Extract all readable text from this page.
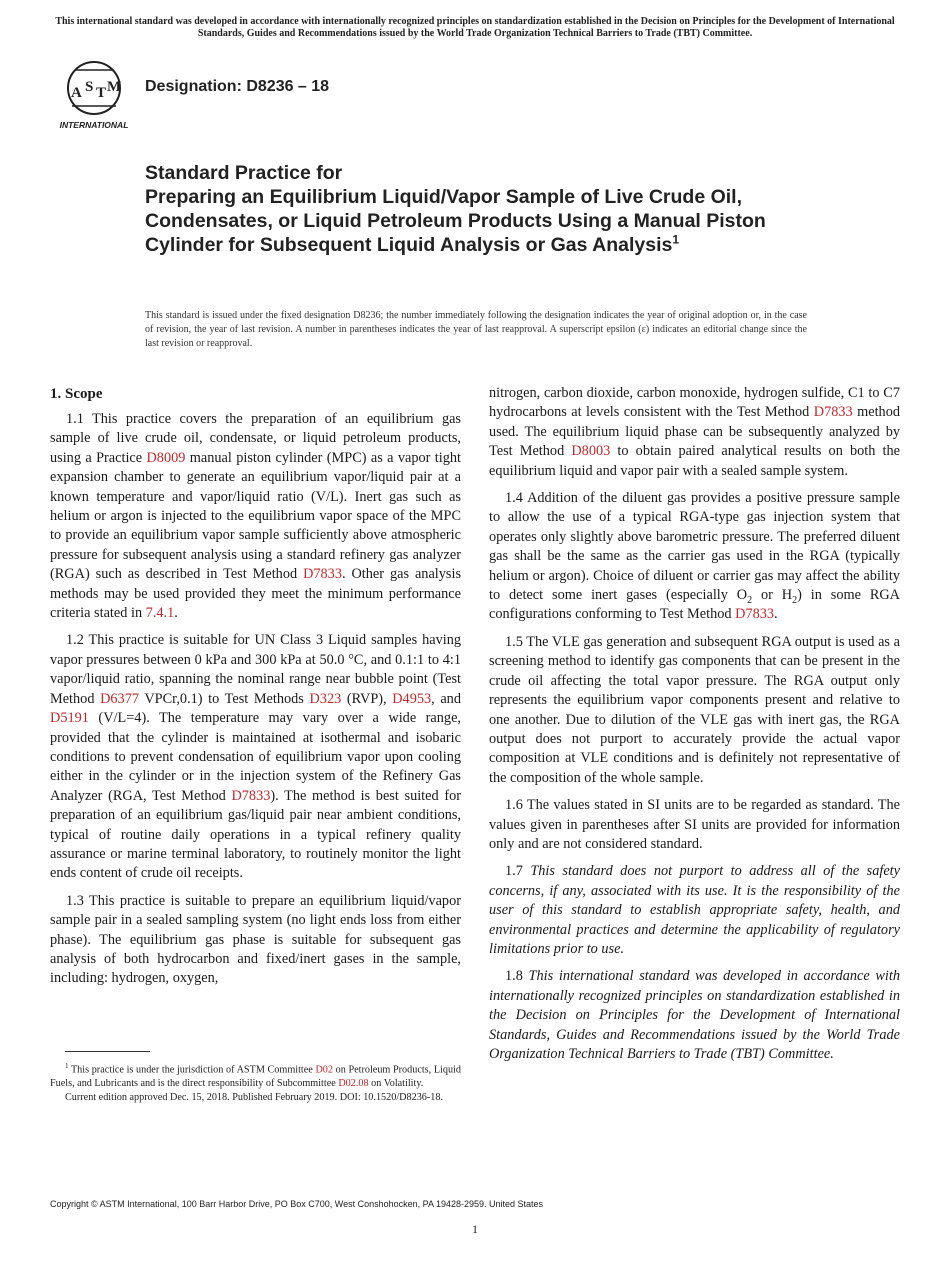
This international standard was developed in accordance with internationally recognized principles on standardization established in the Decision on Principles for the Development of International Standards, Guides and Recommendations issued by the World Trade Organization Technical Barriers to Trade (TBT) Committee.
A S T M
INTERNATIONAL
Designation: D8236 – 18
Standard Practice for
Preparing an Equilibrium Liquid/Vapor Sample of Live Crude Oil, Condensates, or Liquid Petroleum Products Using a Manual Piston Cylinder for Subsequent Liquid Analysis or Gas Analysis$^1$
This standard is issued under the fixed designation D8236; the number immediately following the designation indicates the year of original adoption or, in the case of revision, the year of last revision. A number in parentheses indicates the year of last reapproval. A superscript epsilon (ε) indicates an editorial change since the last revision or reapproval.
1. Scope

1.1 This practice covers the preparation of an equilibrium gas sample of live crude oil, condensate, or liquid petroleum products, using a Practice D8009 manual piston cylinder (MPC) as a vapor tight expansion chamber to generate an equilibrium vapor/liquid pair at a known temperature and vapor/liquid ratio (V/L). Inert gas such as helium or argon is injected to the equilibrium vapor space of the MPC to provide an equilibrium vapor sample sufficiently above atmospheric pressure for subsequent analysis using a standard refinery gas analyzer (RGA) such as described in Test Method D7833. Other gas analysis methods may be used provided they meet the minimum performance criteria stated in 7.4.1.

1.2 This practice is suitable for UN Class 3 Liquid samples having vapor pressures between 0 kPa and 300 kPa at 50.0 °C, and 0.1:1 to 4:1 vapor/liquid ratio, spanning the nominal range near bubble point (Test Method D6377 VPCr,0.1) to Test Methods D323 (RVP), D4953, and D5191 (V/L=4). The temperature may vary over a wide range, provided that the cylinder is maintained at isothermal and isobaric conditions to prevent condensation of equilibrium vapor upon cooling either in the cylinder or in the injection system of the Refinery Gas Analyzer (RGA, Test Method D7833). The method is best suited for preparation of an equilibrium gas/liquid pair near ambient conditions, typical of routine daily operations in a typical refinery quality assurance or marine terminal laboratory, to routinely monitor the light ends content of crude oil receipts.

1.3 This practice is suitable to prepare an equilibrium liquid/vapor sample pair in a sealed sampling system (no light ends loss from either phase). The equilibrium gas phase is suitable for subsequent gas analysis of both hydrocarbon and fixed/inert gases in the sample, including: hydrogen, oxygen,

nitrogen, carbon dioxide, carbon monoxide, hydrogen sulfide, C1 to C7 hydrocarbons at levels consistent with the Test Method D7833 method used. The equilibrium liquid phase can be subsequently analyzed by Test Method D8003 to obtain paired analytical results on both the equilibrium liquid and vapor pair with a sealed sample system.

1.4 Addition of the diluent gas provides a positive pressure sample to allow the use of a typical RGA-type gas injection system that operates only slightly above barometric pressure. The preferred diluent gas shall be the same as the carrier gas used in the RGA (typically helium or argon). Choice of diluent or carrier gas may affect the ability to detect some inert gases (especially $O_2$ or $H_2$) in some RGA configurations conforming to Test Method D7833.

1.5 The VLE gas generation and subsequent RGA output is used as a screening method to identify gas components that can be present in the crude oil affecting the total vapor pressure. The RGA output only represents the equilibrium vapor components present and relative to one another. Due to dilution of the VLE gas with inert gas, the RGA output does not purport to accurately provide the actual vapor composition at VLE conditions and is definitely not representative of the composition of the whole sample.

1.6 The values stated in SI units are to be regarded as standard. The values given in parentheses after SI units are provided for information only and are not considered standard.

1.7 This standard does not purport to address all of the safety concerns, if any, associated with its use. It is the responsibility of the user of this standard to establish appropriate safety, health, and environmental practices and determine the applicability of regulatory limitations prior to use.

1.8 This international standard was developed in accordance with internationally recognized principles on standardization established in the Decision on Principles for the Development of International Standards, Guides and Recommendations issued by the World Trade Organization Technical Barriers to Trade (TBT) Committee.

$^1$ This practice is under the jurisdiction of ASTM Committee D02 on Petroleum Products, Liquid Fuels, and Lubricants and is the direct responsibility of Subcommittee D02.08 on Volatility.

Current edition approved Dec. 15, 2018. Published February 2019. DOI: 10.1520/D8236-18.

Copyright © ASTM International, 100 Barr Harbor Drive, PO Box C700, West Conshohocken, PA 19428-2959. United States
1
